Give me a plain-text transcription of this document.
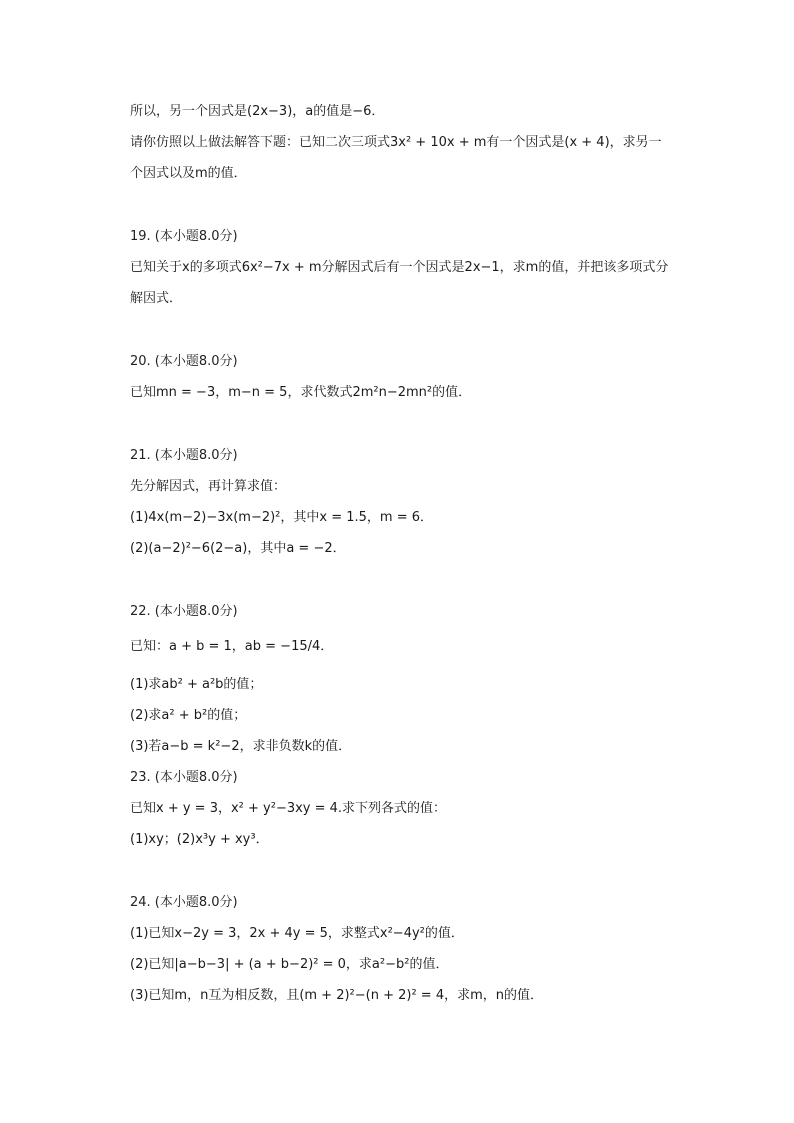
所以，另一个因式是(2x−3)，a的值是−6．
请你仿照以上做法解答下题：已知二次三项式3x² + 10x + m有一个因式是(x + 4)，求另一
个因式以及m的值．
19. (本小题8.0分)
已知关于x的多项式6x²−7x + m分解因式后有一个因式是2x−1，求m的值，并把该多项式分
解因式．
20. (本小题8.0分)
已知mn = −3，m−n = 5，求代数式2m²n−2mn²的值．
21. (本小题8.0分)
先分解因式，再计算求值：
(1)4x(m−2)−3x(m−2)²，其中x = 1.5，m = 6．
(2)(a−2)²−6(2−a)，其中a = −2．
22. (本小题8.0分)
已知：a + b = 1，ab = −15/4．
(1)求ab² + a²b的值；
(2)求a² + b²的值；
(3)若a−b = k²−2，求非负数k的值．
23. (本小题8.0分)
已知x + y = 3，x² + y²−3xy = 4.求下列各式的值：
(1)xy；(2)x³y + xy³．
24. (本小题8.0分)
(1)已知x−2y = 3，2x + 4y = 5，求整式x²−4y²的值．
(2)已知|a−b−3| + (a + b−2)² = 0，求a²−b²的值．
(3)已知m，n互为相反数，且(m + 2)²−(n + 2)² = 4，求m，n的值．
